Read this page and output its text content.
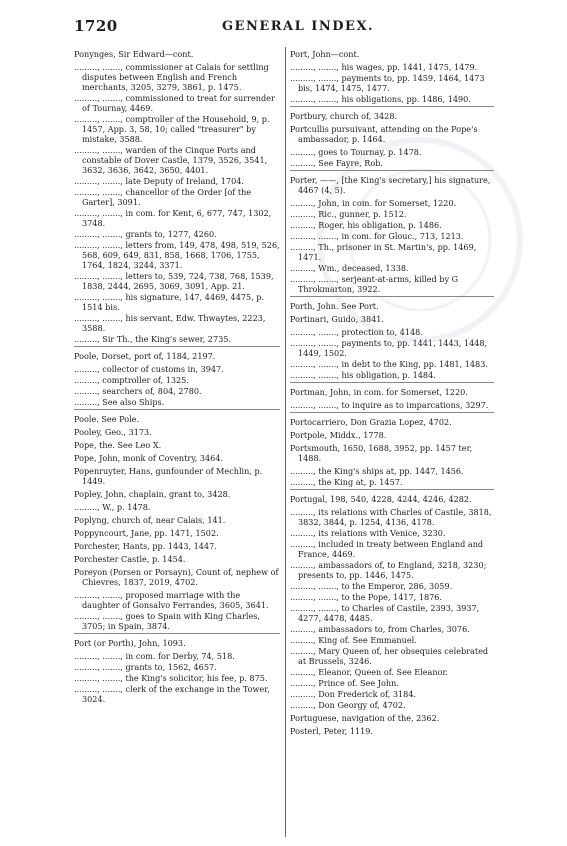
1720	GENERAL INDEX.
Ponynges, Sir Edward—cont.
........., ......., commissioner at Calais for settling disputes between English and French merchants, 3205, 3279, 3861, p. 1475.
........., ......., commissioned to treat for surrender of Tournay, 4469.
........., ......., comptroller of the Household, 9, p. 1457, App. 3, 58, 10; called "treasurer" by mistake, 3588.
........., ......., warden of the Cinque Ports and constable of Dover Castle, 1379, 3526, 3541, 3632, 3636, 3642, 3650, 4401.
........., ......., late Deputy of Ireland, 1704.
........., ......., chancellor of the Order [of the Garter], 3091.
........., ......., in com. for Kent, 6, 677, 747, 1302, 3748.
........., ......., grants to, 1277, 4260.
........., ......., letters from, 149, 478, 498, 519, 526, 568, 609, 649, 831, 858, 1668, 1706, 1755, 1764, 1824, 3244, 3371.
........., ......., letters to, 539, 724, 738, 768, 1539, 1838, 2444, 2695, 3069, 3091, App. 21.
........., ......., his signature, 147, 4469, 4475, p. 1514 bis.
........., ......., his servant, Edw. Thwaytes, 2223, 3588.
........., Sir Th., the King's sewer, 2735.
Poole, Dorset, port of, 1184, 2197.
........., collector of customs in, 3947.
........., comptroller of, 1325.
........., searchers of, 804, 2780.
........., See also Ships.
Poole. See Pole.
Pooley, Geo., 3173.
Pope, the. See Leo X.
Pope, John, monk of Coventry, 3464.
Popenruyter, Hans, gunfounder of Mechlin, p. 1449.
Popley, John, chaplain, grant to, 3428.
........., W., p. 1478.
Poplyng, church of, near Calais, 141.
Poppyncourt, Jane, pp. 1471, 1502.
Porchester, Hants, pp. 1443, 1447.
Porchester Castle, p. 1454.
Poreyon (Porsen or Porsayn), Count of, nephew of Chievres, 1837, 2019, 4702.
........., ......., proposed marriage with the daughter of Gonsalvo Ferrandes, 3605, 3641.
........., ......., goes to Spain with King Charles, 3705; in Spain, 3874.
Port (or Porth), John, 1093.
........., ......., in com. for Derby, 74, 518.
........., ......., grants to, 1562, 4657.
........., ......., the King's solicitor, his fee, p. 875.
........., ......., clerk of the exchange in the Tower, 3024.
Port, John—cont.
........., ......., his wages, pp. 1441, 1475, 1479.
........., ......., payments to, pp. 1459, 1464, 1473 bis, 1474, 1475, 1477.
........., ......., his obligations, pp. 1486, 1490.
Portbury, church of, 3428.
Portcullis pursuivant, attending on the Pope's ambassador, p. 1464.
........., goes to Tournay, p. 1478.
........., See Fayre, Rob.
Porter, ——, [the King's secretary,] his signature, 4467 (4, 5).
........., John, in com. for Somerset, 1220.
........., Ric., gunner, p. 1512.
........., Roger, his obligation, p. 1486.
........., ......., in com. for Glouc., 713, 1213.
........., Th., prisoner in St. Martin's, pp. 1469, 1471.
........., Wm., deceased, 1338.
........., ......., serjeant-at-arms, killed by G Throkmarton, 3922.
Porth, John. See Port.
Portinari, Guido, 3841.
........., ......., protection to, 4148.
........., ......., payments to, pp. 1441, 1443, 1448, 1449, 1502.
........., ......., in debt to the King, pp. 1481, 1483.
........., ......., his obligation, p. 1484.
Portman, John, in com. for Somerset, 1220.
........., ......., to inquire as to imparcations, 3297.
Portocarriero, Don Grazia Lopez, 4702.
Portpole, Middx., 1778.
Portsmouth, 1650, 1688, 3952, pp. 1457 ter, 1488.
........., the King's ships at, pp. 1447, 1456.
........., the King at, p. 1457.
Portugal, 198, 540, 4228, 4244, 4246, 4282.
........., its relations with Charles of Castile, 3818, 3832, 3844, p. 1254, 4136, 4178.
........., its relations with Venice, 3230.
........., included in treaty between England and France, 4469.
........., ambassadors of, to England, 3218, 3230; presents to, pp. 1446, 1475.
........., ......., to the Emperor, 286, 3059.
........., ......., to the Pope, 1417, 1876.
........., ......., to Charles of Castile, 2393, 3937, 4277, 4478, 4485.
........., ambassadors to, from Charles, 3076.
........., King of. See Emmanuel.
........., Mary Queen of, her obsequies celebrated at Brussels, 3246.
........., Eleanor, Queen of. See Eleanor.
........., Prince of. See John.
........., Don Frederick of, 3184.
........., Don Georgy of, 4702.
Portuguese, navigation of the, 2362.
Posterl, Peter, 1119.
